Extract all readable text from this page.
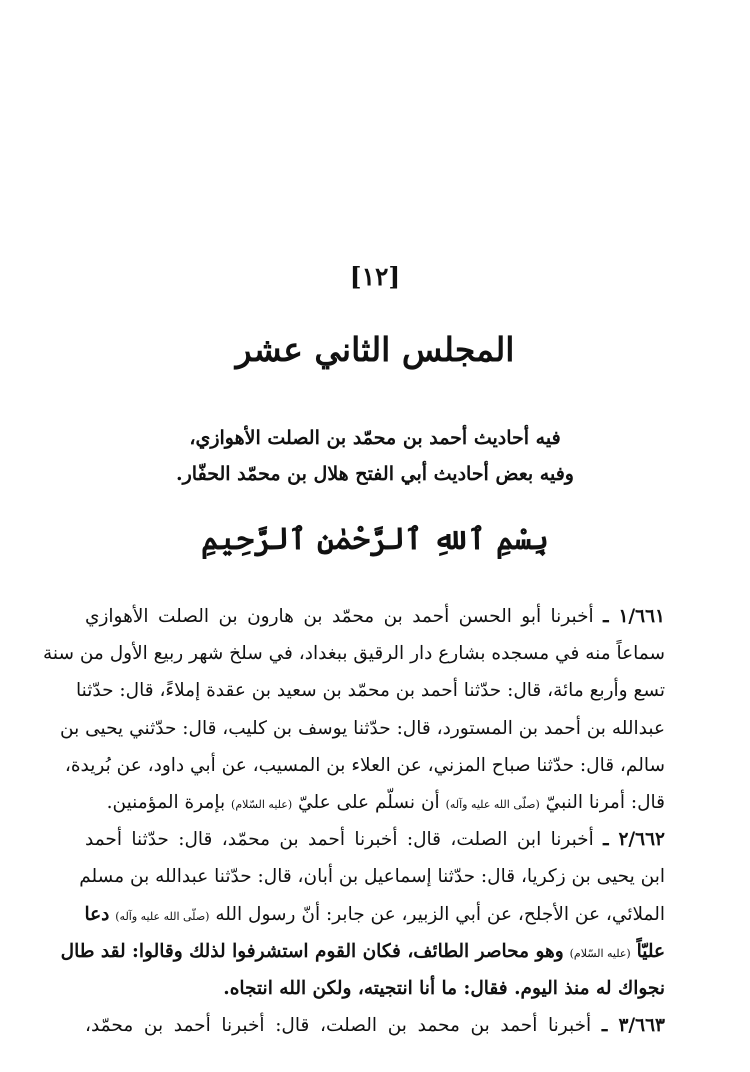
[١٢]
المجلس الثاني عشر
فيه أحاديث أحمد بن محمّد بن الصلت الأهوازي،
وفيه بعض أحاديث أبي الفتح هلال بن محمّد الحفّار.
بِسْمِ ٱللهِ ٱلرَّحْمٰنِ ٱلرَّحِيمِ
١/٦٦١ ـ أخبرنا أبو الحسن أحمد بن محمّد بن هارون بن الصلت الأهوازي
سماعاً منه في مسجده بشارع دار الرقيق ببغداد، في سلخ شهر ربيع الأول من سنة
تسع وأربع مائة، قال: حدّثنا أحمد بن محمّد بن سعيد بن عقدة إملاءً، قال: حدّثنا
عبدالله بن أحمد بن المستورد، قال: حدّثنا يوسف بن كليب، قال: حدّثني يحيى بن
سالم، قال: حدّثنا صباح المزني، عن العلاء بن المسيب، عن أبي داود، عن بُريدة،
قال: أمرنا النبيّ (صلّى الله عليه وآله) أن نسلّم على عليّ (عليه السّلام) بإمرة المؤمنين.
٢/٦٦٢ ـ أخبرنا ابن الصلت، قال: أخبرنا أحمد بن محمّد، قال: حدّثنا أحمد
ابن يحيى بن زكريا، قال: حدّثنا إسماعيل بن أبان، قال: حدّثنا عبدالله بن مسلم
الملائي، عن الأجلح، عن أبي الزبير، عن جابر: أنّ رسول الله (صلّى الله عليه وآله) دعا
عليّاً (عليه السّلام) وهو محاصر الطائف، فكان القوم استشرفوا لذلك وقالوا: لقد طال
نجواك له منذ اليوم. فقال: ما أنا انتجيته، ولكن الله انتجاه.
٣/٦٦٣ ـ أخبرنا أحمد بن محمد بن الصلت، قال: أخبرنا أحمد بن محمّد،
